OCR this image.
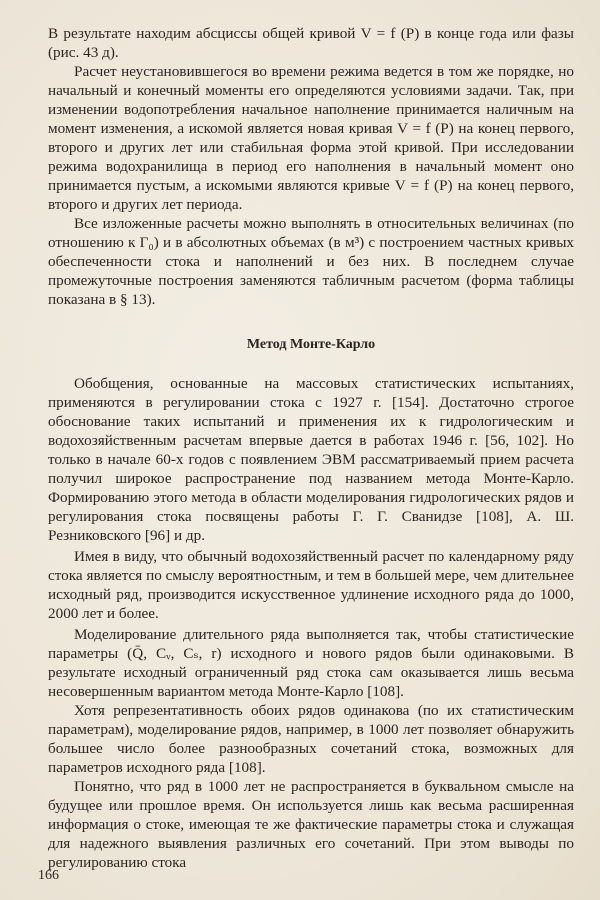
В результате находим абсциссы общей кривой V = f (P) в конце года или фазы (рис. 43 д).

Расчет неустановившегося во времени режима ведется в том же порядке, но начальный и конечный моменты его определяются условиями задачи. Так, при изменении водопотребления начальное наполнение принимается наличным на момент изменения, а искомой является новая кривая V = f (P) на конец первого, второго и других лет или стабильная форма этой кривой. При исследовании режима водохранилища в период его наполнения в начальный момент оно принимается пустым, а искомыми являются кривые V = f (P) на конец первого, второго и других лет периода.

Все изложенные расчеты можно выполнять в относительных величинах (по отношению к Г₀) и в абсолютных объемах (в м³) с построением частных кривых обеспеченности стока и наполнений и без них. В последнем случае промежуточные построения заменяются табличным расчетом (форма таблицы показана в § 13).

Метод Монте-Карло

Обобщения, основанные на массовых статистических испытаниях, применяются в регулировании стока с 1927 г. [154]. Достаточно строгое обоснование таких испытаний и применения их к гидрологическим и водохозяйственным расчетам впервые дается в работах 1946 г. [56, 102]. Но только в начале 60-х годов с появлением ЭВМ рассматриваемый прием расчета получил широкое распространение под названием метода Монте-Карло. Формированию этого метода в области моделирования гидрологических рядов и регулирования стока посвящены работы Г. Г. Сванидзе [108], А. Ш. Резниковского [96] и др.

Имея в виду, что обычный водохозяйственный расчет по календарному ряду стока является по смыслу вероятностным, и тем в большей мере, чем длительнее исходный ряд, производится искусственное удлинение исходного ряда до 1000, 2000 лет и более.

Моделирование длительного ряда выполняется так, чтобы статистические параметры (Q̄, Cᵥ, Cₛ, r) исходного и нового рядов были одинаковыми. В результате исходный ограниченный ряд стока сам оказывается лишь весьма несовершенным вариантом метода Монте-Карло [108].

Хотя репрезентативность обоих рядов одинакова (по их статистическим параметрам), моделирование рядов, например, в 1000 лет позволяет обнаружить большее число более разнообразных сочетаний стока, возможных для параметров исходного ряда [108].

Понятно, что ряд в 1000 лет не распространяется в буквальном смысле на будущее или прошлое время. Он используется лишь как весьма расширенная информация о стоке, имеющая те же фактические параметры стока и служащая для надежного выявления различных его сочетаний. При этом выводы по регулированию стока

166
